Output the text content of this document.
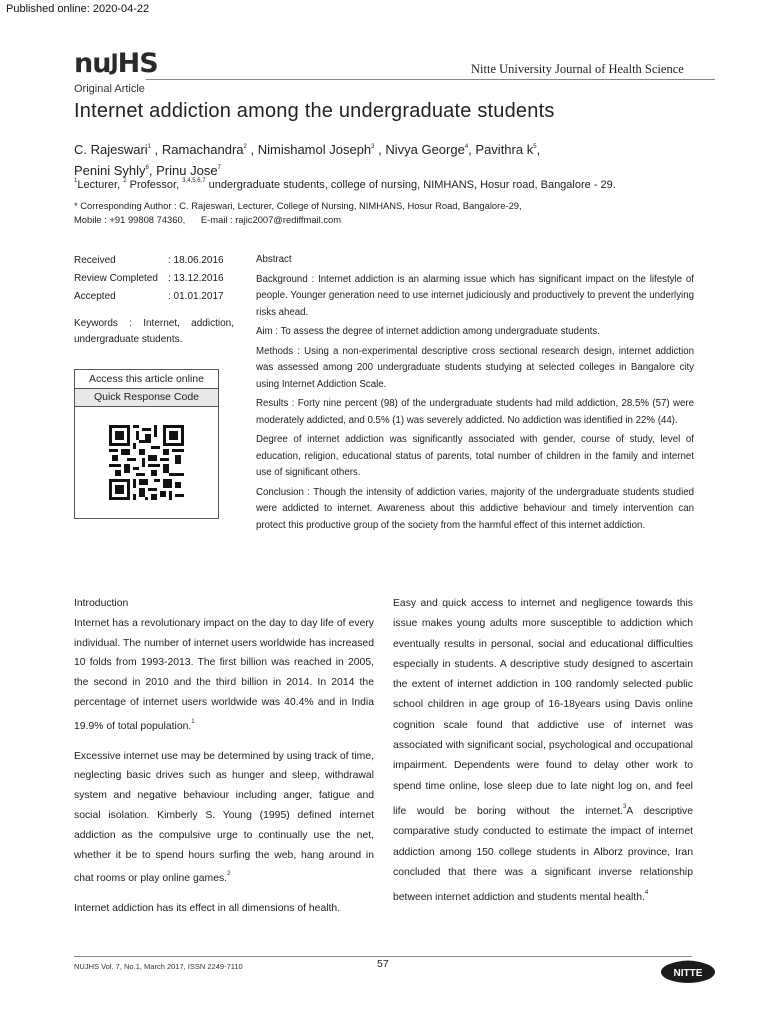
Published online: 2020-04-22
nuJHS	Nitte University Journal of Health Science
Original Article
Internet addiction among the undergraduate students
C. Rajeswari$^1$ , Ramachandra$^2$ , Nimishamol Joseph$^3$ , Nivya George$^4$, Pavithra $k^5$,
Penini Syhly$^6$, Prinu Jose$^7$
$^1$Lecturer, $^2$ Professor, $^{3,4,5,6,7}$ undergraduate students, college of nursing, NIMHANS, Hosur road, Bangalore - 29.
* Corresponding Author : C. Rajeswari, Lecturer, College of Nursing, NIMHANS, Hosur Road, Bangalore-29,
Mobile : +91 99808 74360,      E-mail : rajic2007@rediffmail.com
Received	: 18.06.2016
Review Completed	: 13.12.2016
Accepted	: 01.01.2017
Keywords : Internet, addiction, undergraduate students.
Access this article online
Quick Response Code

Abstract

Background : Internet addiction is an alarming issue which has significant impact on the lifestyle of people. Younger generation need to use internet judiciously and productively to prevent the underlying risks ahead.

Aim : To assess the degree of internet addiction among undergraduate students.

Methods : Using a non-experimental descriptive cross sectional research design, internet addiction was assessed among 200 undergraduate students studying at selected colleges in Bangalore city using Internet Addiction Scale.

Results : Forty nine percent (98) of the undergraduate students had mild addiction, 28.5% (57) were moderately addicted, and 0.5% (1) was severely addicted. No addiction was identified in 22% (44).

Degree of internet addiction was significantly associated with gender, course of study, level of education, religion, educational status of parents, total number of children in the family and internet use of significant others.

Conclusion : Though the intensity of addiction varies, majority of the undergraduate students studied were addicted to internet. Awareness about this addictive behaviour and timely intervention can protect this productive group of the society from the harmful effect of this internet addiction.

Introduction

Internet has a revolutionary impact on the day to day life of every individual. The number of internet users worldwide has increased 10 folds from 1993-2013. The first billion was reached in 2005, the second in 2010 and the third billion in 2014. In 2014 the percentage of internet users worldwide was 40.4% and in India 19.9% of total population.$^1$

Excessive internet use may be determined by using track of time, neglecting basic drives such as hunger and sleep, withdrawal system and negative behaviour including anger, fatigue and social isolation. Kimberly S. Young (1995) defined internet addiction as the compulsive urge to continually use the net, whether it be to spend hours surfing the web, hang around in chat rooms or play online games.$^2$

Internet addiction has its effect in all dimensions of health.

Easy and quick access to internet and negligence towards this issue makes young adults more susceptible to addiction which eventually results in personal, social and educational difficulties especially in students. A descriptive study designed to ascertain the extent of internet addiction in 100 randomly selected public school children in age group of 16-18years using Davis online cognition scale found that addictive use of internet was associated with significant social, psychological and occupational impairment. Dependents were found to delay other work to spend time online, lose sleep due to late night log on, and feel life would be boring without the internet.$^3$A descriptive comparative study conducted to estimate the impact of internet addiction among 150 college students in Alborz province, Iran concluded that there was a significant inverse relationship between internet addiction and students mental health.$^4$

NUJHS Vol. 7, No.1, March 2017, ISSN 2249-7110	57
NITTE
